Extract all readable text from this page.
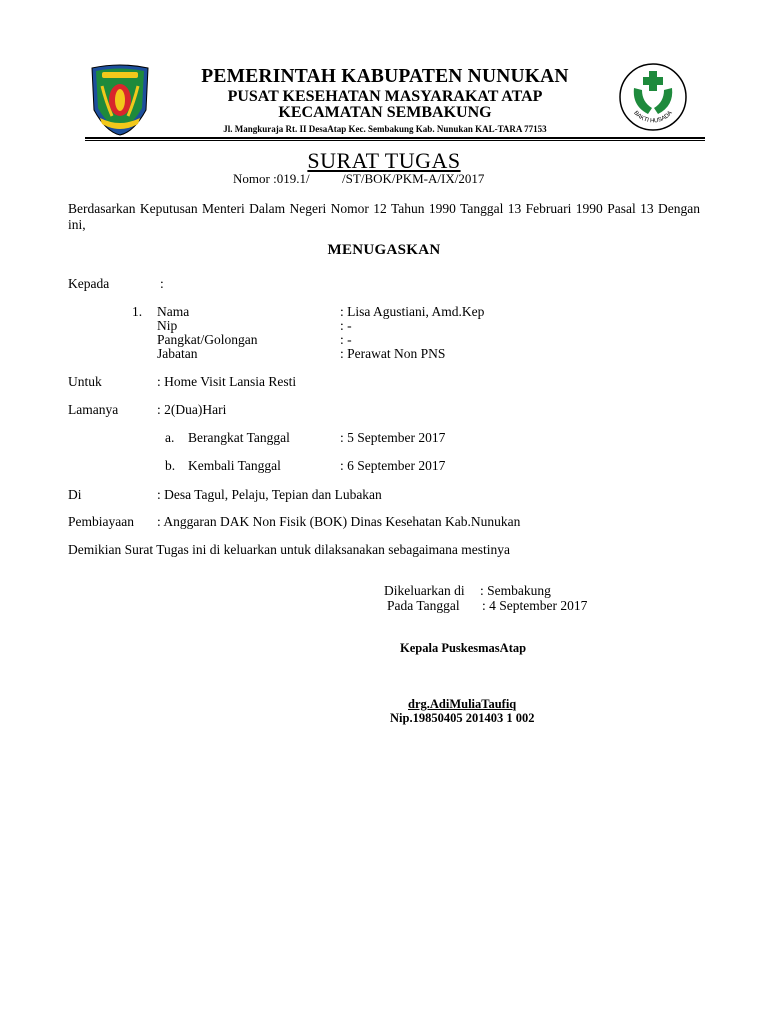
PEMERINTAH KABUPATEN NUNUKAN
PUSAT KESEHATAN MASYARAKAT ATAP
KECAMATAN SEMBAKUNG
Jl. Mangkuraja Rt. II DesaAtap Kec. Sembakung Kab. Nunukan KAL-TARA 77153
BAKTI HUSADA
SURAT TUGAS
Nomor :019.1/          /ST/BOK/PKM-A/IX/2017
Berdasarkan Keputusan Menteri Dalam Negeri Nomor 12 Tahun 1990 Tanggal 13 Februari 1990 Pasal 13 Dengan ini,
MENUGASKAN
Kepada	:
1. Nama	: Lisa Agustiani, Amd.Kep
Nip	: -
Pangkat/Golongan	: -
Jabatan	: Perawat Non PNS
Untuk	: Home Visit Lansia Resti
Lamanya	: 2(Dua)Hari
a. Berangkat Tanggal	: 5 September 2017
b. Kembali Tanggal	: 6 September 2017
Di	: Desa Tagul, Pelaju, Tepian dan Lubakan
Pembiayaan : Anggaran DAK Non Fisik (BOK) Dinas Kesehatan Kab.Nunukan
Demikian Surat Tugas ini di keluarkan untuk dilaksanakan sebagaimana mestinya
Dikeluarkan di : Sembakung
Pada Tanggal : 4 September 2017
Kepala PuskesmasAtap
drg.AdiMuliaTaufiq
Nip.19850405 201403 1 002
